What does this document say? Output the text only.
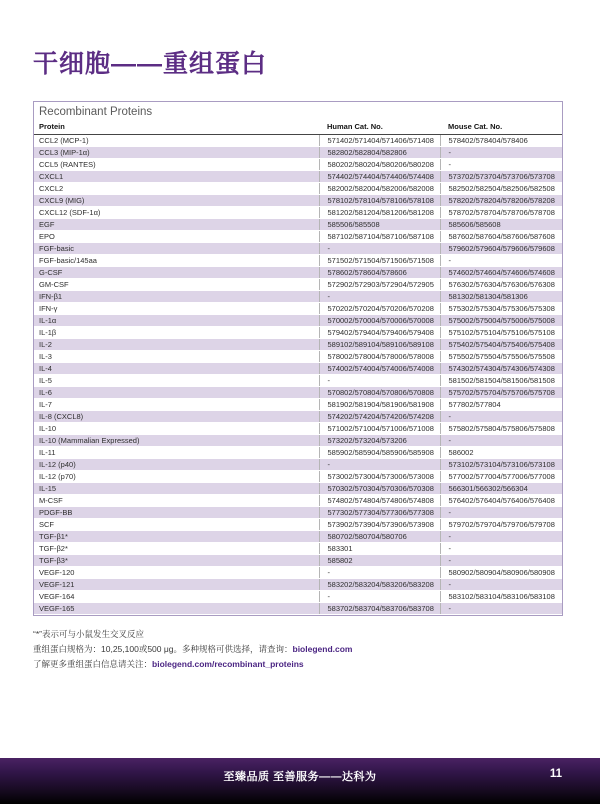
干细胞——重组蛋白
Recombinant Proteins
Protein	Human Cat. No.	Mouse Cat. No.
CCL2 (MCP-1)	571402/571404/571406/571408	578402/578404/578406
CCL3 (MIP-1α)	582802/582804/582806	-
CCL5 (RANTES)	580202/580204/580206/580208	-
CXCL1	574402/574404/574406/574408	573702/573704/573706/573708
CXCL2	582002/582004/582006/582008	582502/582504/582506/582508
CXCL9 (MIG)	578102/578104/578106/578108	578202/578204/578206/578208
CXCL12 (SDF-1α)	581202/581204/581206/581208	578702/578704/578706/578708
EGF	585506/585508	585606/585608
EPO	587102/587104/587106/587108	587602/587604/587606/587608
FGF-basic	-	579602/579604/579606/579608
FGF-basic/145aa	571502/571504/571506/571508	-
G-CSF	578602/578604/578606	574602/574604/574606/574608
GM-CSF	572902/572903/572904/572905	576302/576304/576306/576308
IFN-β1	-	581302/581304/581306
IFN-γ	570202/570204/570206/570208	575302/575304/575306/575308
IL-1α	570002/570004/570006/570008	575002/575004/575006/575008
IL-1β	579402/579404/579406/579408	575102/575104/575106/575108
IL-2	589102/589104/589106/589108	575402/575404/575406/575408
IL-3	578002/578004/578006/578008	575502/575504/575506/575508
IL-4	574002/574004/574006/574008	574302/574304/574306/574308
IL-5	-	581502/581504/581506/581508
IL-6	570802/570804/570806/570808	575702/575704/575706/575708
IL-7	581902/581904/581906/581908	577802/577804
IL-8 (CXCL8)	574202/574204/574206/574208	-
IL-10	571002/571004/571006/571008	575802/575804/575806/575808
IL-10 (Mammalian Expressed)	573202/573204/573206	-
IL-11	585902/585904/585906/585908	586002
IL-12 (p40)	-	573102/573104/573106/573108
IL-12 (p70)	573002/573004/573006/573008	577002/577004/577006/577008
IL-15	570302/570304/570306/570308	566301/566302/566304
M-CSF	574802/574804/574806/574808	576402/576404/576406/576408
PDGF-BB	577302/577304/577306/577308	-
SCF	573902/573904/573906/573908	579702/579704/579706/579708
TGF-β1*	580702/580704/580706	-
TGF-β2*	583301	-
TGF-β3*	585802	-
VEGF-120	-	580902/580904/580906/580908
VEGF-121	583202/583204/583206/583208	-
VEGF-164	-	583102/583104/583106/583108
VEGF-165	583702/583704/583706/583708	-
“*”表示可与小鼠发生交叉反应
重组蛋白规格为：10,25,100或500 μg。多种规格可供选择，请查询：biolegend.com
了解更多重组蛋白信息请关注：biolegend.com/recombinant_proteins
至臻品质 至善服务——达科为	11
